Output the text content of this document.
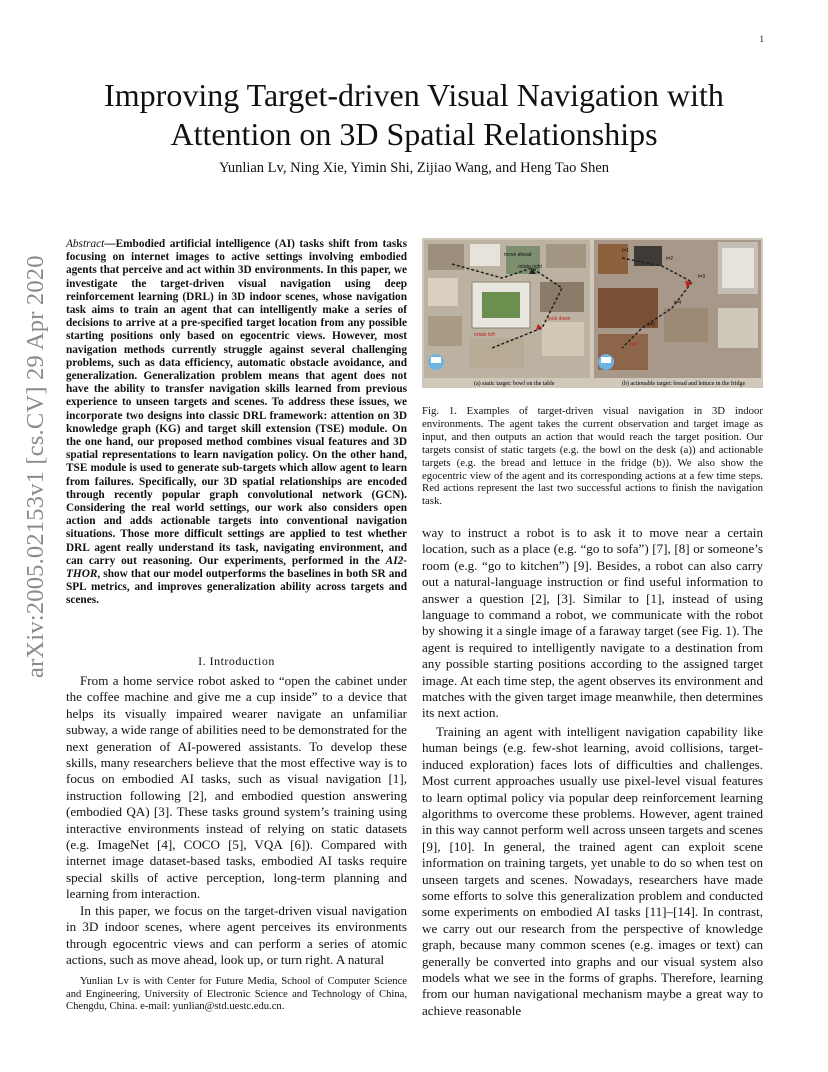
1
arXiv:2005.02153v1 [cs.CV] 29 Apr 2020
Improving Target-driven Visual Navigation with Attention on 3D Spatial Relationships
Yunlian Lv, Ning Xie, Yimin Shi, Zijiao Wang, and Heng Tao Shen
Abstract—Embodied artificial intelligence (AI) tasks shift from tasks focusing on internet images to active settings involving embodied agents that perceive and act within 3D environments. In this paper, we investigate the target-driven visual navigation using deep reinforcement learning (DRL) in 3D indoor scenes, whose navigation task aims to train an agent that can intelligently make a series of decisions to arrive at a pre-specified target location from any possible starting positions only based on egocentric views. However, most navigation methods currently struggle against several challenging problems, such as data efficiency, automatic obstacle avoidance, and generalization. Generalization problem means that agent does not have the ability to transfer navigation skills learned from previous experience to unseen targets and scenes. To address these issues, we incorporate two designs into classic DRL framework: attention on 3D knowledge graph (KG) and target skill extension (TSE) module. On the one hand, our proposed method combines visual features and 3D spatial representations to learn navigation policy. On the other hand, TSE module is used to generate sub-targets which allow agent to learn from failures. Specifically, our 3D spatial relationships are encoded through recently popular graph convolutional network (GCN). Considering the real world settings, our work also considers open action and adds actionable targets into conventional navigation situations. Those more difficult settings are applied to test whether DRL agent really understand its task, navigating environment, and can carry out reasoning. Our experiments, performed in the AI2-THOR, show that our model outperforms the baselines in both SR and SPL metrics, and improves generalization ability across targets and scenes.
I. Introduction

From a home service robot asked to “open the cabinet under the coffee machine and give me a cup inside” to a device that helps its visually impaired wearer navigate an unfamiliar subway, a wide range of abilities need to be demonstrated for the next generation of AI-powered assistants. To develop these skills, many researchers believe that the most effective way is to focus on embodied AI tasks, such as visual navigation [1], instruction following [2], and embodied question answering (embodied QA) [3]. These tasks ground system’s training using interactive environments instead of relying on static datasets (e.g. ImageNet [4], COCO [5], VQA [6]). Compared with internet image dataset-based tasks, embodied AI tasks require special skills of active perception, long-term planning and learning from interaction.

In this paper, we focus on the target-driven visual navigation in 3D indoor scenes, where agent perceives its environments through egocentric views and can perform a series of atomic actions, such as move ahead, look up, or turn right. A natural

Yunlian Lv is with Center for Future Media, School of Computer Science and Engineering, University of Electronic Science and Technology of China, Chengdu, China. e-mail: yunlian@std.uestc.edu.cn.
(a) static target: bowl on the table	(b) actionable target: bread and lettuce in the fridge
move ahead
rotate right
rotate left
look down
t=1
t=2
t=3
t=4
t=5
t=n
Fig. 1. Examples of target-driven visual navigation in 3D indoor environments. The agent takes the current observation and target image as input, and then outputs an action that would reach the target position. Our targets consist of static targets (e.g. the bowl on the desk (a)) and actionable targets (e.g. the bread and lettuce in the fridge (b)). We also show the egocentric view of the agent and its corresponding actions at a few time steps. Red actions represent the last two successful actions to finish the navigation task.

way to instruct a robot is to ask it to move near a certain location, such as a place (e.g. “go to sofa”) [7], [8] or someone’s room (e.g. “go to kitchen”) [9]. Besides, a robot can also carry out a natural-language instruction or find useful information to answer a question [2], [3]. Similar to [1], instead of using language to command a robot, we communicate with the robot by showing it a single image of a faraway target (see Fig. 1). The agent is required to intelligently navigate to a destination from any possible starting positions according to the assigned target image. At each time step, the agent observes its environment and matches with the given target image meanwhile, then determines its next action.

Training an agent with intelligent navigation capability like human beings (e.g. few-shot learning, avoid collisions, target-induced exploration) faces lots of difficulties and challenges. Most current approaches usually use pixel-level visual features to learn optimal policy via popular deep reinforcement learning algorithms to overcome these problems. However, agent trained in this way cannot perform well across unseen targets and scenes [9], [10]. In general, the trained agent can exploit scene information on training targets, yet unable to do so when test on unseen targets and scenes. Nowadays, researchers have made some efforts to solve this generalization problem and conducted some experiments on embodied AI tasks [11]–[14]. In contrast, we carry out our research from the perspective of knowledge graph, because many common scenes (e.g. images or text) can generally be converted into graphs and our visual system also models what we see in the forms of graphs. Therefore, learning from our human navigational mechanism maybe a great way to achieve reasonable
